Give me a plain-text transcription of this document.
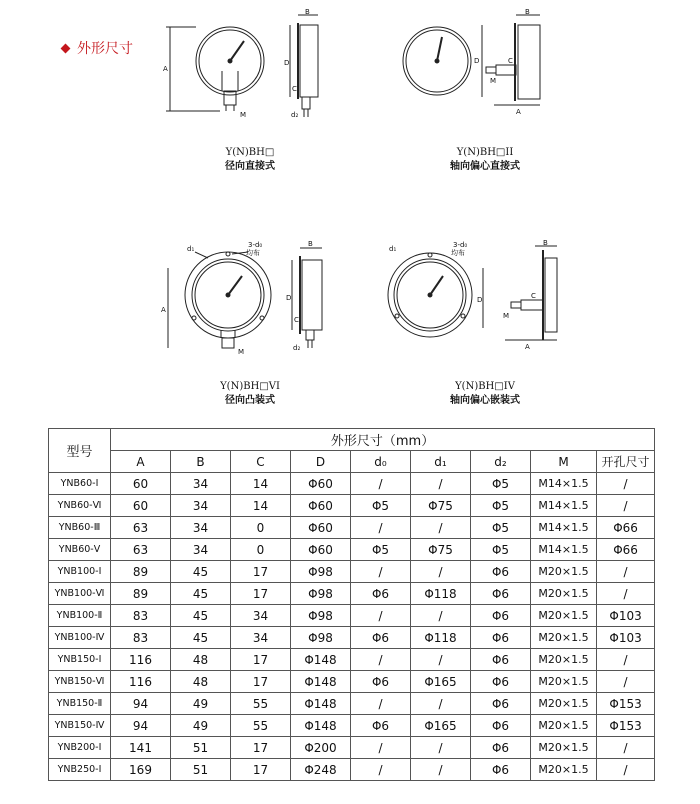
外形尺寸
A
M
B
D
C
d₂
B
D
M
C
A
Y(N)BH□
径向直接式
Y(N)BH□II
轴向偏心直接式
d₁	3-d₀
均布
A
M
B
D
C
d₂
d₁	3-d₀
均布
B
D
M
C
A
Y(N)BH□VI
径向凸装式
Y(N)BH□IV
轴向偏心嵌装式
型号	外形尺寸（mm）								
	A	B	C	D	d₀	d₁	d₂	M	开孔尺寸
YNB60-Ⅰ	60	34	14	Φ60	/	/	Φ5	M14×1.5	/
YNB60-Ⅵ	60	34	14	Φ60	Φ5	Φ75	Φ5	M14×1.5	/
YNB60-Ⅲ	63	34	0	Φ60	/	/	Φ5	M14×1.5	Φ66
YNB60-Ⅴ	63	34	0	Φ60	Φ5	Φ75	Φ5	M14×1.5	Φ66
YNB100-Ⅰ	89	45	17	Φ98	/	/	Φ6	M20×1.5	/
YNB100-Ⅵ	89	45	17	Φ98	Φ6	Φ118	Φ6	M20×1.5	/
YNB100-Ⅱ	83	45	34	Φ98	/	/	Φ6	M20×1.5	Φ103
YNB100-Ⅳ	83	45	34	Φ98	Φ6	Φ118	Φ6	M20×1.5	Φ103
YNB150-Ⅰ	116	48	17	Φ148	/	/	Φ6	M20×1.5	/
YNB150-Ⅵ	116	48	17	Φ148	Φ6	Φ165	Φ6	M20×1.5	/
YNB150-Ⅱ	94	49	55	Φ148	/	/	Φ6	M20×1.5	Φ153
YNB150-Ⅳ	94	49	55	Φ148	Φ6	Φ165	Φ6	M20×1.5	Φ153
YNB200-Ⅰ	141	51	17	Φ200	/	/	Φ6	M20×1.5	/
YNB250-Ⅰ	169	51	17	Φ248	/	/	Φ6	M20×1.5	/
